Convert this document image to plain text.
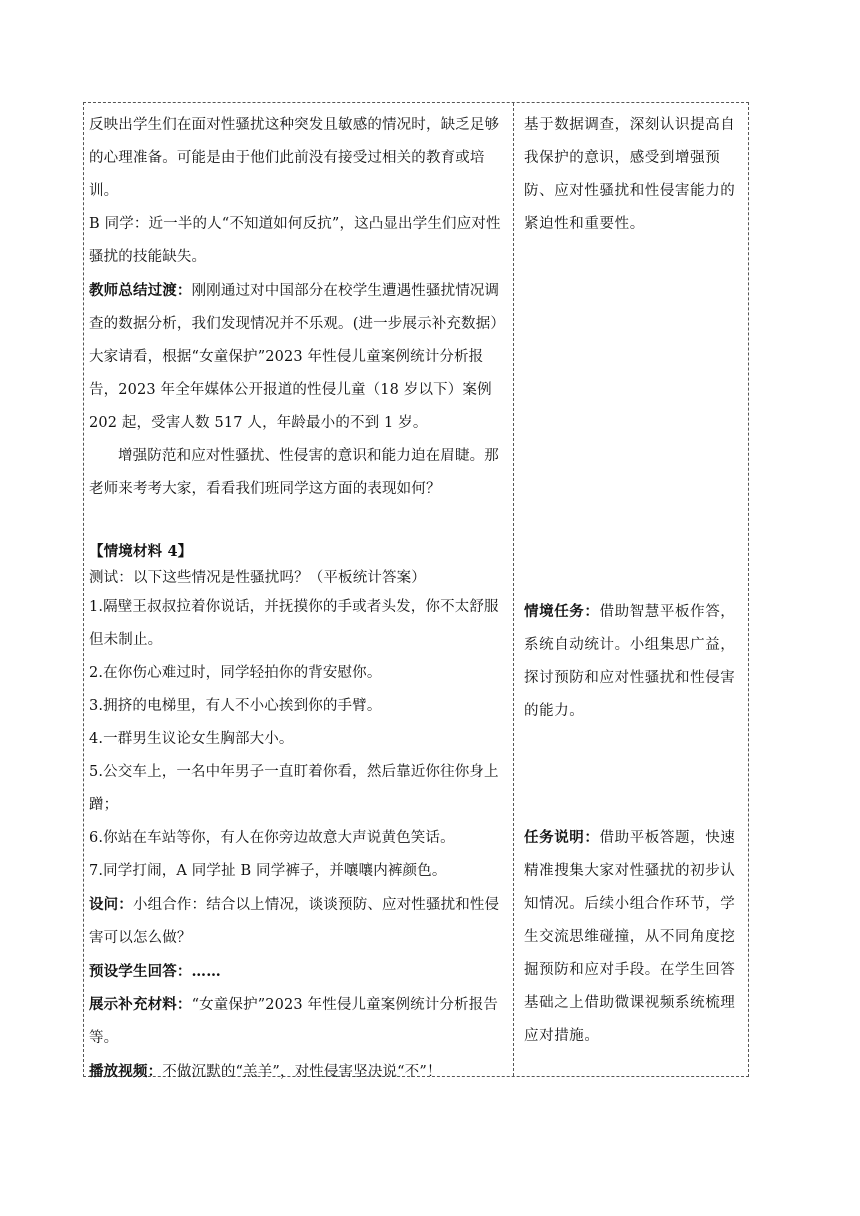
反映出学生们在面对性骚扰这种突发且敏感的情况时，缺乏足够的心理准备。可能是由于他们此前没有接受过相关的教育或培训。

B 同学：近一半的人“不知道如何反抗”，这凸显出学生们应对性骚扰的技能缺失。

教师总结过渡：刚刚通过对中国部分在校学生遭遇性骚扰情况调查的数据分析，我们发现情况并不乐观。(进一步展示补充数据）大家请看，根据“女童保护”2023 年性侵儿童案例统计分析报告，2023 年全年媒体公开报道的性侵儿童（18 岁以下）案例 202 起，受害人数 517 人，年龄最小的不到 1 岁。

增强防范和应对性骚扰、性侵害的意识和能力迫在眉睫。那老师来考考大家，看看我们班同学这方面的表现如何？

【情境材料 4】

测试：以下这些情况是性骚扰吗？（平板统计答案）

1.隔壁王叔叔拉着你说话，并抚摸你的手或者头发，你不太舒服但未制止。

2.在你伤心难过时，同学轻拍你的背安慰你。

3.拥挤的电梯里，有人不小心挨到你的手臂。

4.一群男生议论女生胸部大小。

5.公交车上，一名中年男子一直盯着你看，然后靠近你往你身上蹭；

6.你站在车站等你，有人在你旁边故意大声说黄色笑话。

7.同学打闹，A 同学扯 B 同学裤子，并嚷嚷内裤颜色。

设问：小组合作：结合以上情况，谈谈预防、应对性骚扰和性侵害可以怎么做？

预设学生回答：……

展示补充材料：“女童保护”2023 年性侵儿童案例统计分析报告等。

播放视频：不做沉默的“羔羊”，对性侵害坚决说“不”！

基于数据调查，深刻认识提高自我保护的意识，感受到增强预防、应对性骚扰和性侵害能力的紧迫性和重要性。

情境任务：借助智慧平板作答，系统自动统计。小组集思广益，探讨预防和应对性骚扰和性侵害的能力。

任务说明：借助平板答题，快速精准搜集大家对性骚扰的初步认知情况。后续小组合作环节，学生交流思维碰撞，从不同角度挖掘预防和应对手段。在学生回答基础之上借助微课视频系统梳理应对措施。
